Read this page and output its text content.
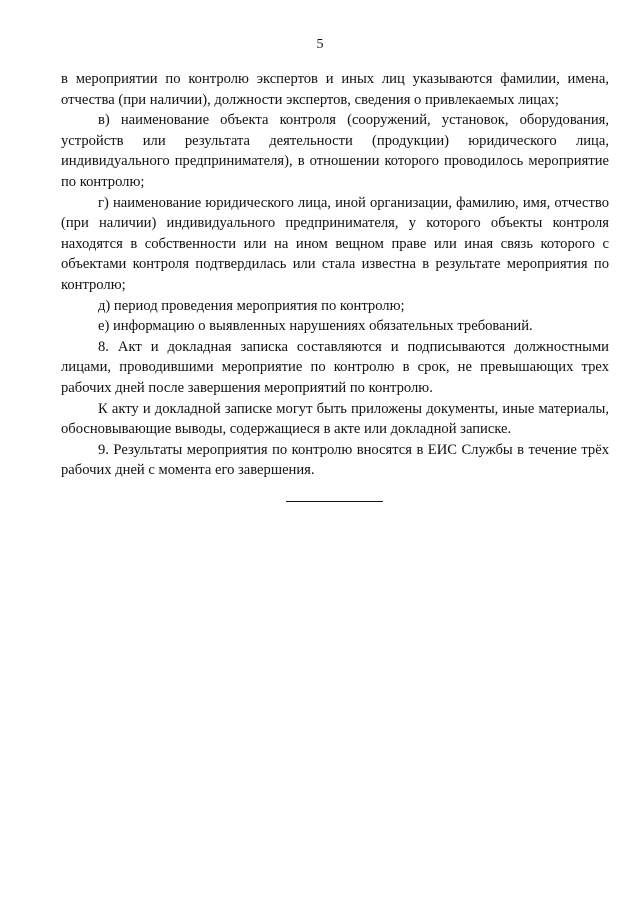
5

в мероприятии по контролю экспертов и иных лиц указываются фамилии, имена, отчества (при наличии), должности экспертов, сведения о привлекаемых лицах;

в) наименование объекта контроля (сооружений, установок, оборудования, устройств или результата деятельности (продукции) юридического лица, индивидуального предпринимателя), в отношении которого проводилось мероприятие по контролю;

г) наименование юридического лица, иной организации, фамилию, имя, отчество (при наличии) индивидуального предпринимателя, у которого объекты контроля находятся в собственности или на ином вещном праве или иная связь которого с объектами контроля подтвердилась или стала известна в результате мероприятия по контролю;

д) период проведения мероприятия по контролю;

е) информацию о выявленных нарушениях обязательных требований.

8. Акт и докладная записка составляются и подписываются должностными лицами, проводившими мероприятие по контролю в срок, не превышающих трех рабочих дней после завершения мероприятий по контролю.

К акту и докладной записке могут быть приложены документы, иные материалы, обосновывающие выводы, содержащиеся в акте или докладной записке.

9. Результаты мероприятия по контролю вносятся в ЕИС Службы в течение трёх рабочих дней с момента его завершения.
